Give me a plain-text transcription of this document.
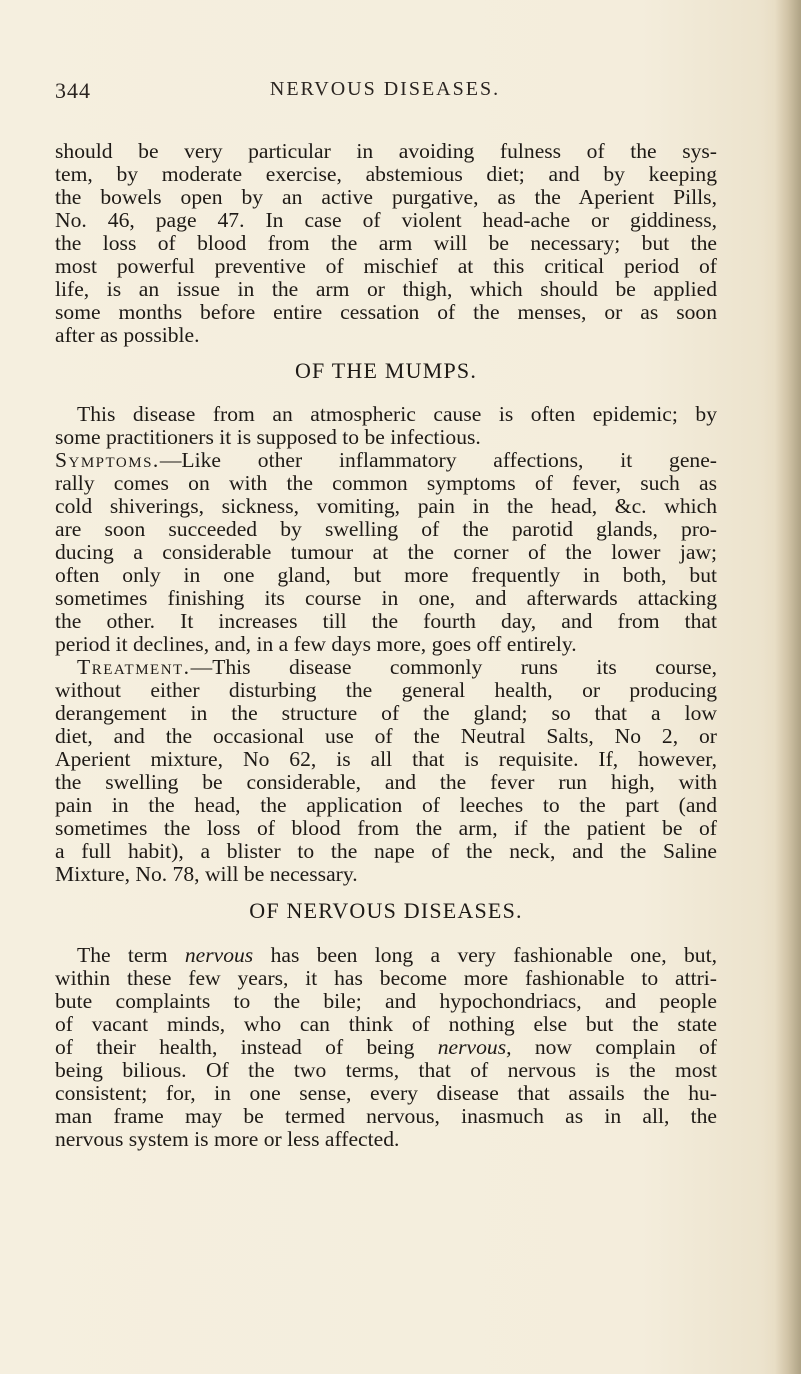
344	NERVOUS DISEASES.
should be very particular in avoiding fulness of the sys-
tem, by moderate exercise, abstemious diet; and by keeping
the bowels open by an active purgative, as the Aperient Pills,
No. 46, page 47. In case of violent head-ache or giddiness,
the loss of blood from the arm will be necessary; but the
most powerful preventive of mischief at this critical period of
life, is an issue in the arm or thigh, which should be applied
some months before entire cessation of the menses, or as soon
after as possible.
OF THE MUMPS.
This disease from an atmospheric cause is often epidemic; by
some practitioners it is supposed to be infectious.
Symptoms.—Like other inflammatory affections, it gene-
rally comes on with the common symptoms of fever, such as
cold shiverings, sickness, vomiting, pain in the head, &c. which
are soon succeeded by swelling of the parotid glands, pro-
ducing a considerable tumour at the corner of the lower jaw;
often only in one gland, but more frequently in both, but
sometimes finishing its course in one, and afterwards attacking
the other. It increases till the fourth day, and from that
period it declines, and, in a few days more, goes off entirely.
Treatment.—This disease commonly runs its course,
without either disturbing the general health, or producing
derangement in the structure of the gland; so that a low
diet, and the occasional use of the Neutral Salts, No 2, or
Aperient mixture, No 62, is all that is requisite. If, however,
the swelling be considerable, and the fever run high, with
pain in the head, the application of leeches to the part (and
sometimes the loss of blood from the arm, if the patient be of
a full habit), a blister to the nape of the neck, and the Saline
Mixture, No. 78, will be necessary.
OF NERVOUS DISEASES.
The term nervous has been long a very fashionable one, but,
within these few years, it has become more fashionable to attri-
bute complaints to the bile; and hypochondriacs, and people
of vacant minds, who can think of nothing else but the state
of their health, instead of being nervous, now complain of
being bilious. Of the two terms, that of nervous is the most
consistent; for, in one sense, every disease that assails the hu-
man frame may be termed nervous, inasmuch as in all, the
nervous system is more or less affected.
